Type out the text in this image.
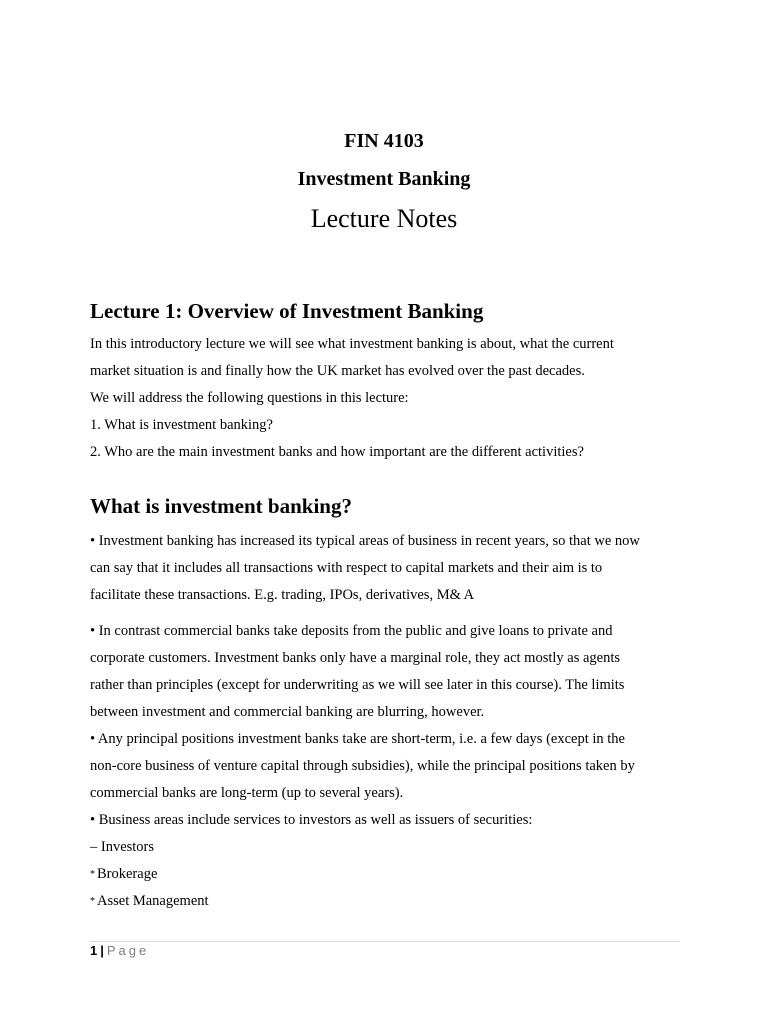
FIN 4103
Investment Banking
Lecture Notes
Lecture 1: Overview of Investment Banking
In this introductory lecture we will see what investment banking is about, what the current
market situation is and finally how the UK market has evolved over the past decades.
We will address the following questions in this lecture:
1. What is investment banking?
2. Who are the main investment banks and how important are the different activities?
What is investment banking?
• Investment banking has increased its typical areas of business in recent years, so that we now
can say that it includes all transactions with respect to capital markets and their aim is to
facilitate these transactions. E.g. trading, IPOs, derivatives, M& A
• In contrast commercial banks take deposits from the public and give loans to private and
corporate customers. Investment banks only have a marginal role, they act mostly as agents
rather than principles (except for underwriting as we will see later in this course). The limits
between investment and commercial banking are blurring, however.
• Any principal positions investment banks take are short-term, i.e. a few days (except in the
non-core business of venture capital through subsidies), while the principal positions taken by
commercial banks are long-term (up to several years).
• Business areas include services to investors as well as issuers of securities:
– Investors
* Brokerage
* Asset Management
1 | Page
